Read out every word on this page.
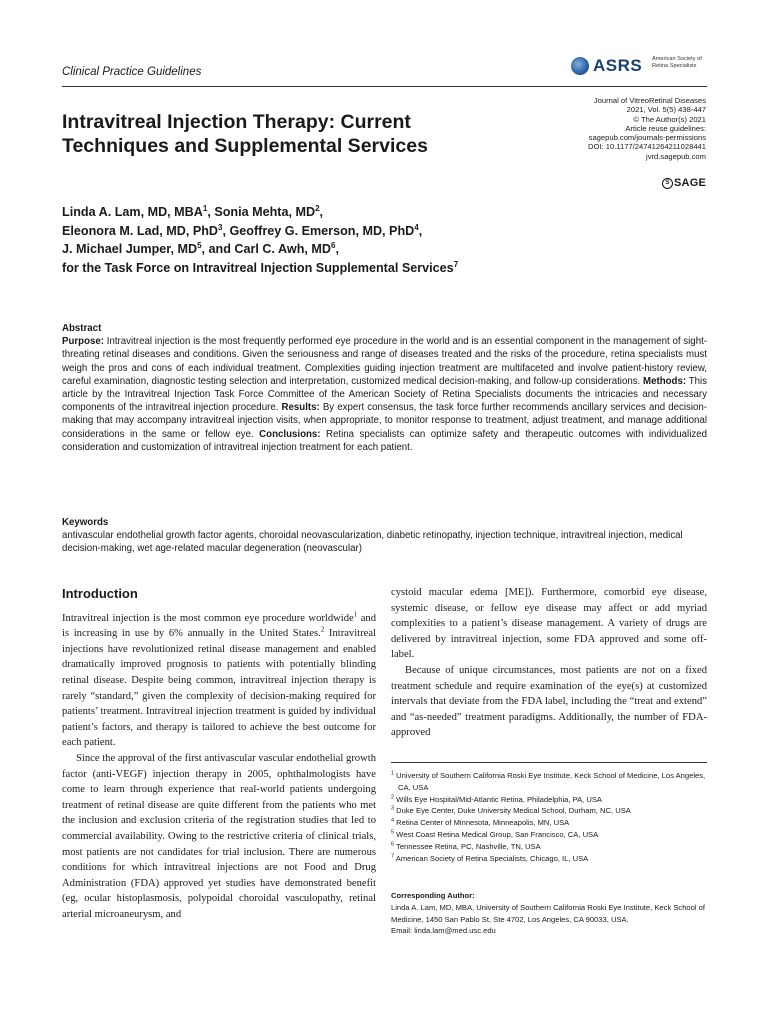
Clinical Practice Guidelines	ASRS American Society of Retina Specialists
Journal of VitreoRetinal Diseases
2021, Vol. 5(5) 438-447
© The Author(s) 2021
Article reuse guidelines:
sagepub.com/journals-permissions
DOI: 10.1177/24741264211028441
jvrd.sagepub.com
S SAGE
Intravitreal Injection Therapy: Current Techniques and Supplemental Services
Linda A. Lam, MD, MBA$^1$, Sonia Mehta, $MD^2$,
Eleonora M. Lad, MD, PhD$^3$, Geoffrey G. Emerson, MD, PhD$^4$,
J. Michael Jumper, $MD^5$, and Carl C. Awh, $MD^6$,
for the Task Force on Intravitreal Injection Supplemental Services$^7$
Abstract
Purpose: Intravitreal injection is the most frequently performed eye procedure in the world and is an essential component in the management of sight-threating retinal diseases and conditions. Given the seriousness and range of diseases treated and the risks of the procedure, retina specialists must weigh the pros and cons of each individual treatment. Complexities guiding injection treatment are multifaceted and involve patient-history review, careful examination, diagnostic testing selection and interpretation, customized medical decision-making, and follow-up considerations. Methods: This article by the Intravitreal Injection Task Force Committee of the American Society of Retina Specialists documents the intricacies and necessary components of the intravitreal injection procedure. Results: By expert consensus, the task force further recommends ancillary services and decision-making that may accompany intravitreal injection visits, when appropriate, to monitor response to treatment, adjust treatment, and manage additional considerations in the same or fellow eye. Conclusions: Retina specialists can optimize safety and therapeutic outcomes with individualized consideration and customization of intravitreal injection treatment for each patient.
Keywords
antivascular endothelial growth factor agents, choroidal neovascularization, diabetic retinopathy, injection technique, intravitreal injection, medical decision-making, wet age-related macular degeneration (neovascular)
Introduction

Intravitreal injection is the most common eye procedure worldwide$^1$ and is increasing in use by 6% annually in the United States.$^2$ Intravitreal injections have revolutionized retinal disease management and enabled dramatically improved prognosis to patients with potentially blinding retinal disease. Despite being common, intravitreal injection therapy is rarely “standard,” given the complexity of decision-making required for patients’ treatment. Intravitreal injection treatment is guided by individual patient’s factors, and therapy is tailored to achieve the best outcome for each patient.

Since the approval of the first antivascular vascular endothelial growth factor (anti-VEGF) injection therapy in 2005, ophthalmologists have come to learn through experience that real-world patients undergoing treatment of retinal disease are quite different from the patients who met the inclusion and exclusion criteria of the registration studies that led to commercial availability. Owing to the restrictive criteria of clinical trials, most patients are not candidates for trial inclusion. There are numerous conditions for which intravitreal injections are not Food and Drug Administration (FDA) approved yet studies have demonstrated benefit (eg, ocular histoplasmosis, polypoidal choroidal vasculopathy, retinal arterial microaneurysm, and

cystoid macular edema [ME]). Furthermore, comorbid eye disease, systemic disease, or fellow eye disease may affect or add myriad complexities to a patient’s disease management. A variety of drugs are delivered by intravitreal injection, some FDA approved and some off-label.

Because of unique circumstances, most patients are not on a fixed treatment schedule and require examination of the eye(s) at customized intervals that deviate from the FDA label, including the “treat and extend” and “as-needed” treatment paradigms. Additionally, the number of FDA-approved

$^1$ University of Southern California Roski Eye Institute, Keck School of Medicine, Los Angeles, CA, USA
$^2$ Wills Eye Hospital/Mid-Atlantic Retina, Philadelphia, PA, USA
$^3$ Duke Eye Center, Duke University Medical School, Durham, NC, USA
$^4$ Retina Center of Minnesota, Minneapolis, MN, USA
$^5$ West Coast Retina Medical Group, San Francisco, CA, USA
$^6$ Tennessee Retina, PC, Nashville, TN, USA
$^7$ American Society of Retina Specialists, Chicago, IL, USA
Corresponding Author:
Linda A. Lam, MD, MBA, University of Southern California Roski Eye Institute, Keck School of Medicine, 1450 San Pablo St, Ste 4702, Los Angeles, CA 90033, USA.
Email: linda.lam@med.usc.edu
